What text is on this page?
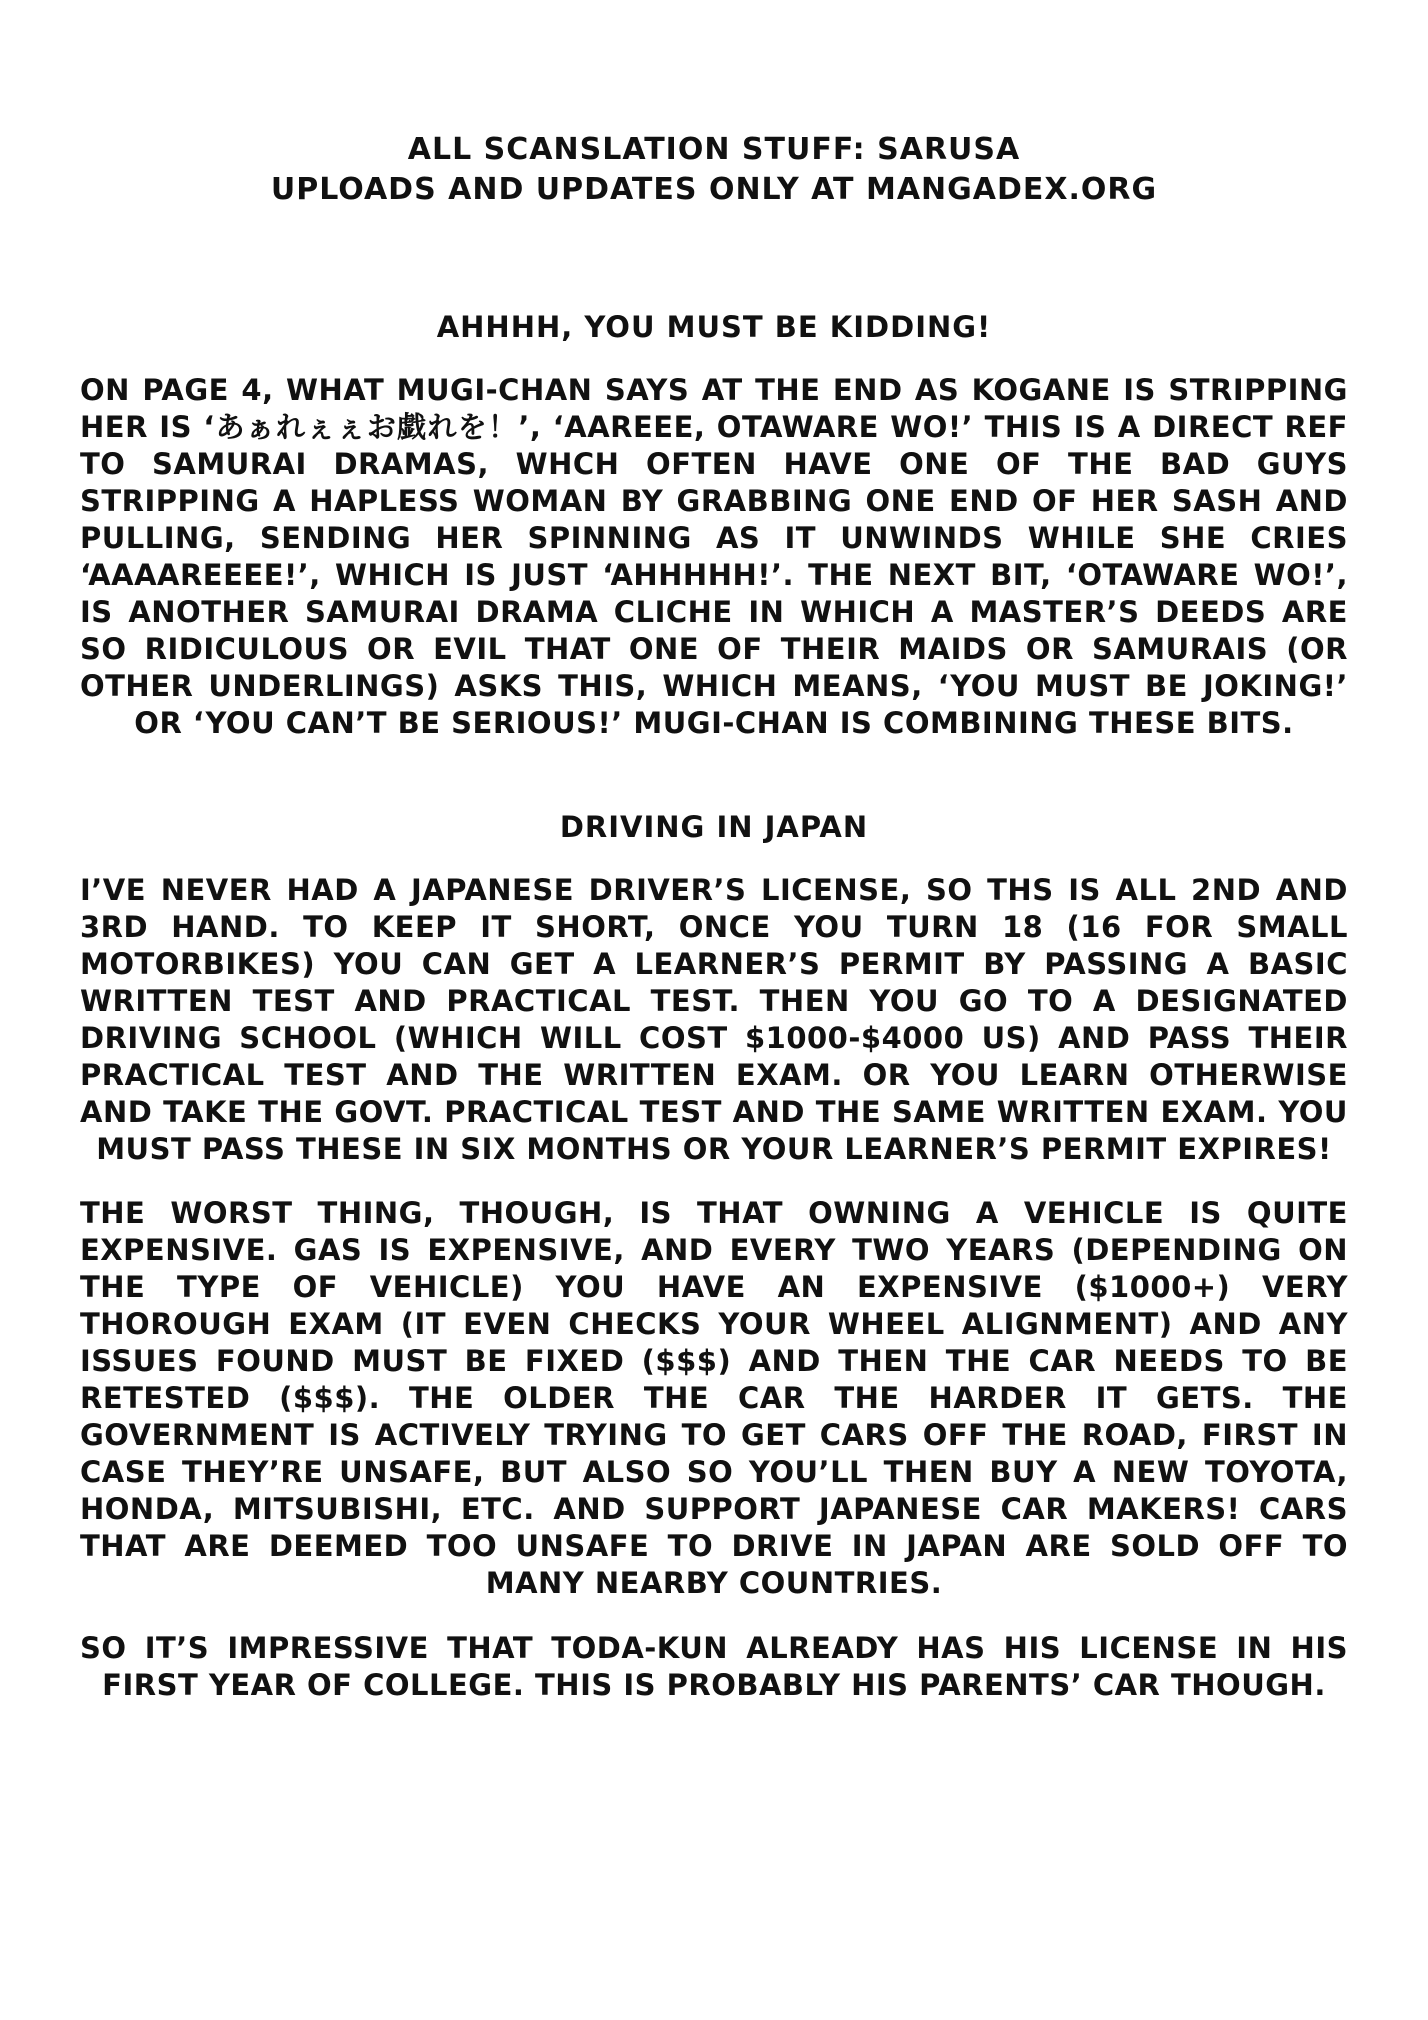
ALL SCANSLATION STUFF: SARUSA
UPLOADS AND UPDATES ONLY AT MANGADEX.ORG
AHHHH, YOU MUST BE KIDDING!
ON PAGE 4, WHAT MUGI-CHAN SAYS AT THE END AS KOGANE IS STRIPPING HER IS ‘あぁれぇぇお戯れを！’, ‘AAREEE, OTAWARE WO!’ THIS IS A DIRECT REF TO SAMURAI DRAMAS, WHCH OFTEN HAVE ONE OF THE BAD GUYS STRIPPING A HAPLESS WOMAN BY GRABBING ONE END OF HER SASH AND PULLING, SENDING HER SPINNING AS IT UNWINDS WHILE SHE CRIES ‘AAAAREEEE!’, WHICH IS JUST ‘AHHHHH!’. THE NEXT BIT, ‘OTAWARE WO!’, IS ANOTHER SAMURAI DRAMA CLICHE IN WHICH A MASTER’S DEEDS ARE SO RIDICULOUS OR EVIL THAT ONE OF THEIR MAIDS OR SAMURAIS (OR OTHER UNDERLINGS) ASKS THIS, WHICH MEANS, ‘YOU MUST BE JOKING!’ OR ‘YOU CAN’T BE SERIOUS!’ MUGI-CHAN IS COMBINING THESE BITS.
DRIVING IN JAPAN
I’VE NEVER HAD A JAPANESE DRIVER’S LICENSE, SO THS IS ALL 2ND AND 3RD HAND. TO KEEP IT SHORT, ONCE YOU TURN 18 (16 FOR SMALL MOTORBIKES) YOU CAN GET A LEARNER’S PERMIT BY PASSING A BASIC WRITTEN TEST AND PRACTICAL TEST. THEN YOU GO TO A DESIGNATED DRIVING SCHOOL (WHICH WILL COST $1000-$4000 US) AND PASS THEIR PRACTICAL TEST AND THE WRITTEN EXAM. OR YOU LEARN OTHERWISE AND TAKE THE GOVT. PRACTICAL TEST AND THE SAME WRITTEN EXAM. YOU MUST PASS THESE IN SIX MONTHS OR YOUR LEARNER’S PERMIT EXPIRES!
THE WORST THING, THOUGH, IS THAT OWNING A VEHICLE IS QUITE EXPENSIVE. GAS IS EXPENSIVE, AND EVERY TWO YEARS (DEPENDING ON THE TYPE OF VEHICLE) YOU HAVE AN EXPENSIVE ($1000+) VERY THOROUGH EXAM (IT EVEN CHECKS YOUR WHEEL ALIGNMENT) AND ANY ISSUES FOUND MUST BE FIXED ($$$) AND THEN THE CAR NEEDS TO BE RETESTED ($$$). THE OLDER THE CAR THE HARDER IT GETS. THE GOVERNMENT IS ACTIVELY TRYING TO GET CARS OFF THE ROAD, FIRST IN CASE THEY’RE UNSAFE, BUT ALSO SO YOU’LL THEN BUY A NEW TOYOTA, HONDA, MITSUBISHI, ETC. AND SUPPORT JAPANESE CAR MAKERS! CARS THAT ARE DEEMED TOO UNSAFE TO DRIVE IN JAPAN ARE SOLD OFF TO MANY NEARBY COUNTRIES.
SO IT’S IMPRESSIVE THAT TODA-KUN ALREADY HAS HIS LICENSE IN HIS FIRST YEAR OF COLLEGE. THIS IS PROBABLY HIS PARENTS’ CAR THOUGH.
